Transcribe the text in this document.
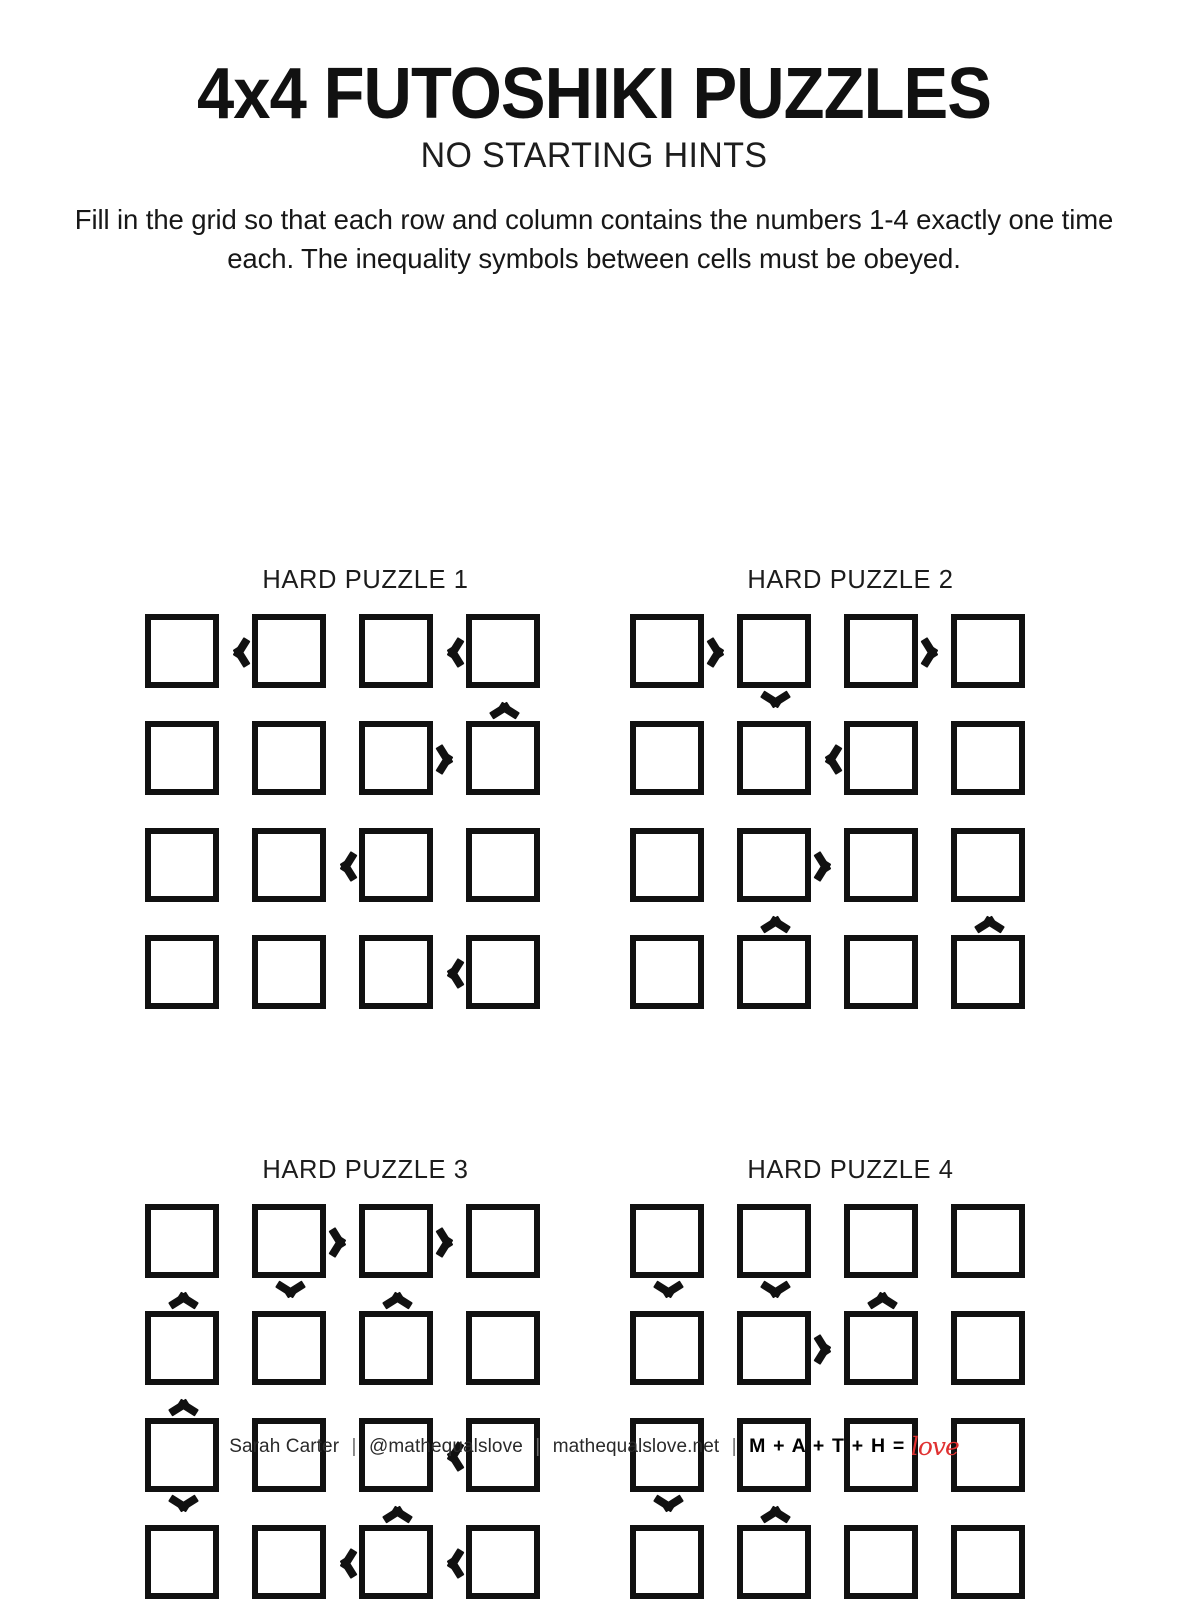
4x4 FUTOSHIKI PUZZLES
NO STARTING HINTS

Fill in the grid so that each row and column contains the numbers 1-4 exactly one time each. The inequality symbols between cells must be obeyed.

HARD PUZZLE 1	HARD PUZZLE 2
HARD PUZZLE 3	HARD PUZZLE 4
Sarah Carter | @mathequalslove | mathequalslove.net | M + A + T + H = love
